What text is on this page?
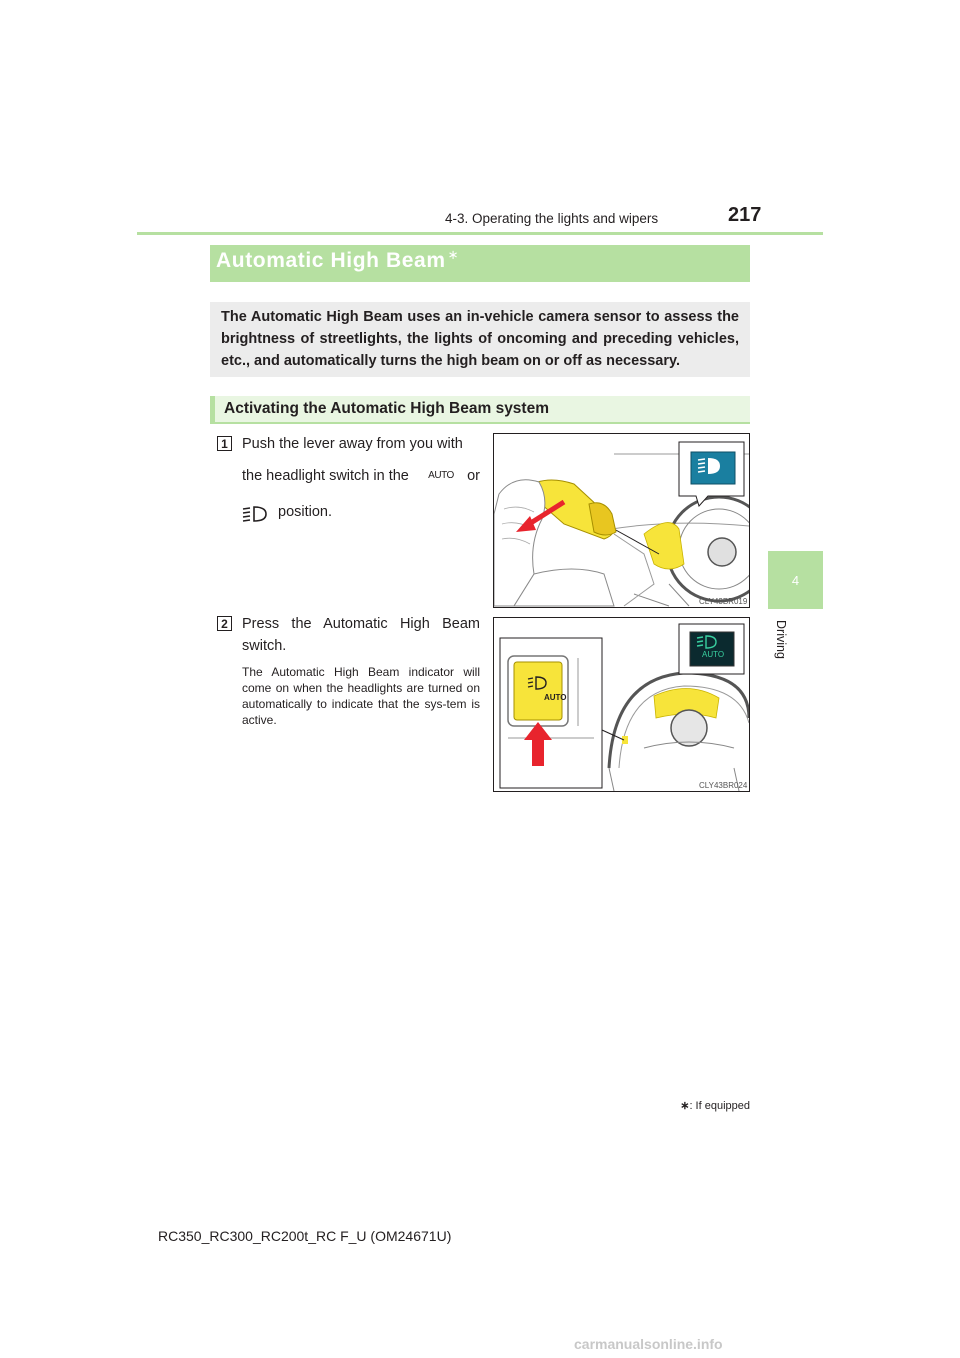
4-3. Operating the lights and wipers	217
4
Driving
Automatic High Beam ∗
The Automatic High Beam uses an in-vehicle camera sensor to assess the brightness of streetlights, the lights of oncoming and preceding vehicles, etc., and automatically turns the high beam on or off as necessary.
Activating the Automatic High Beam system
1 Push the lever away from you with
the headlight switch in the AUTO or
position.
CLY43BR019
2 Press the Automatic High Beam switch.
The Automatic High Beam indicator will come on when the headlights are turned on automatically to indicate that the sys-tem is active.
AUTO
AUTO
CLY43BR024
∗: If equipped
RC350_RC300_RC200t_RC F_U (OM24671U)
carmanualsonline.info
